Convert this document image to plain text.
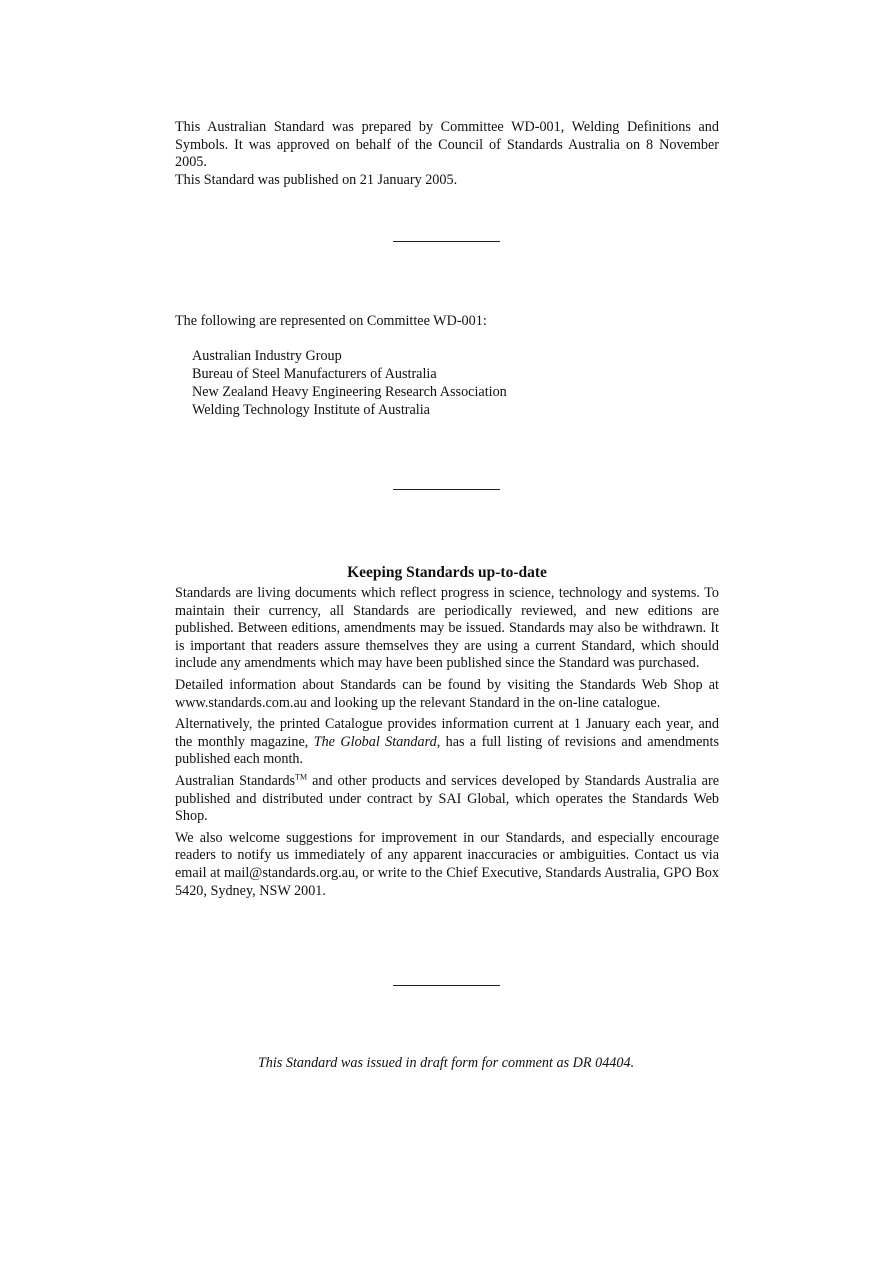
This Australian Standard was prepared by Committee WD-001, Welding Definitions and Symbols. It was approved on behalf of the Council of Standards Australia on 8 November 2005.

This Standard was published on 21 January 2005.

The following are represented on Committee WD-001:

Australian Industry Group
Bureau of Steel Manufacturers of Australia
New Zealand Heavy Engineering Research Association
Welding Technology Institute of Australia
Keeping Standards up-to-date

Standards are living documents which reflect progress in science, technology and systems. To maintain their currency, all Standards are periodically reviewed, and new editions are published. Between editions, amendments may be issued. Standards may also be withdrawn. It is important that readers assure themselves they are using a current Standard, which should include any amendments which may have been published since the Standard was purchased.

Detailed information about Standards can be found by visiting the Standards Web Shop at www.standards.com.au and looking up the relevant Standard in the on-line catalogue.

Alternatively, the printed Catalogue provides information current at 1 January each year, and the monthly magazine, The Global Standard, has a full listing of revisions and amendments published each month.

Australian Standards™ and other products and services developed by Standards Australia are published and distributed under contract by SAI Global, which operates the Standards Web Shop.

We also welcome suggestions for improvement in our Standards, and especially encourage readers to notify us immediately of any apparent inaccuracies or ambiguities. Contact us via email at mail@standards.org.au, or write to the Chief Executive, Standards Australia, GPO Box 5420, Sydney, NSW 2001.

This Standard was issued in draft form for comment as DR 04404.
